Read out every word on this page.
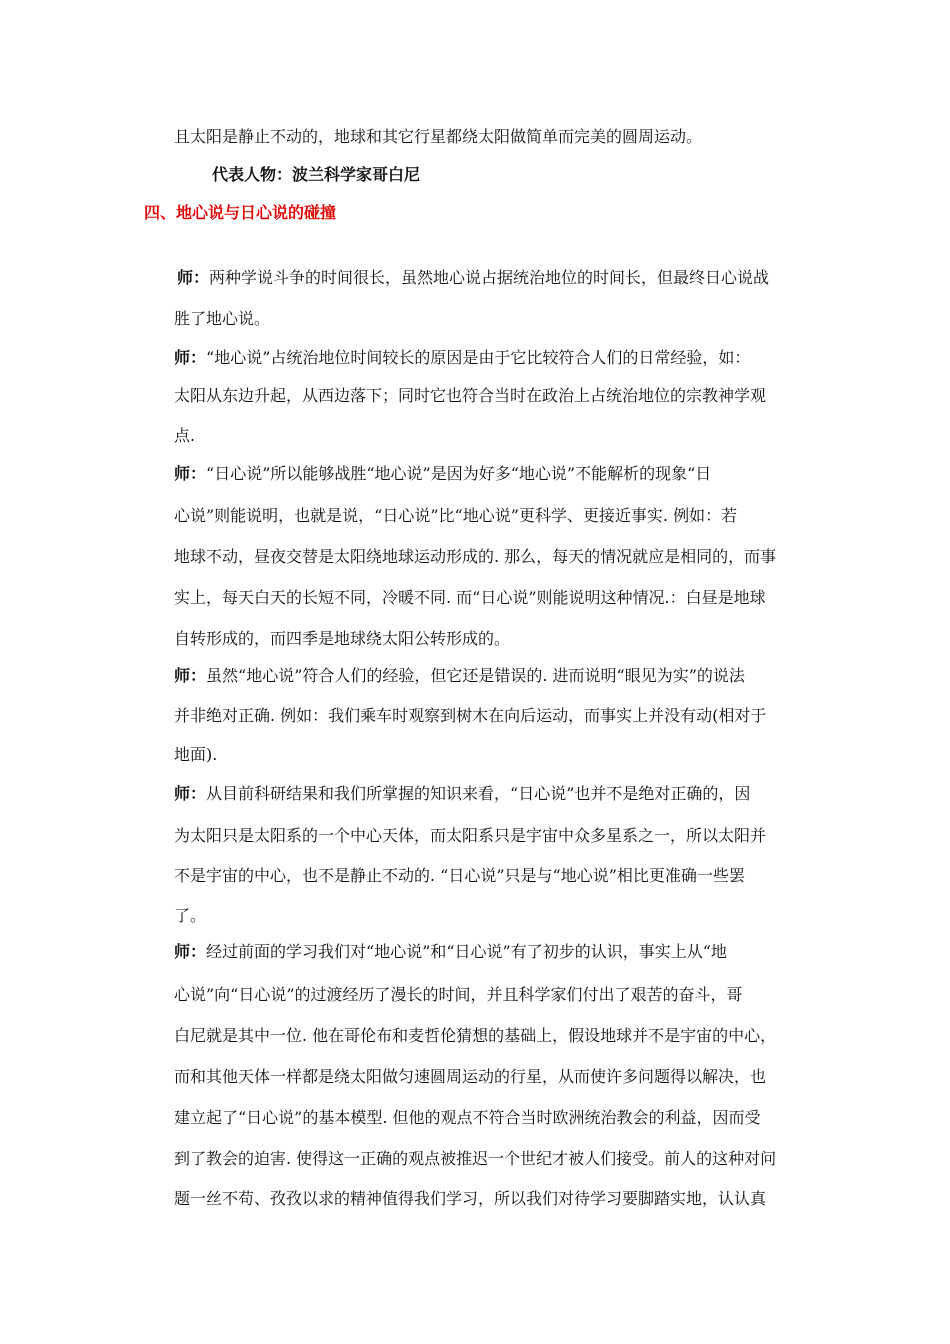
且太阳是静止不动的，地球和其它行星都绕太阳做简单而完美的圆周运动。
代表人物：波兰科学家哥白尼
四、地心说与日心说的碰撞
师：两种学说斗争的时间很长，虽然地心说占据统治地位的时间长，但最终日心说战
胜了地心说。
师：“地心说”占统治地位时间较长的原因是由于它比较符合人们的日常经验，如：
太阳从东边升起，从西边落下；同时它也符合当时在政治上占统治地位的宗教神学观
点.
师：“日心说”所以能够战胜“地心说”是因为好多“地心说”不能解析的现象“日
心说”则能说明，也就是说，“日心说”比“地心说”更科学、更接近事实. 例如：若
地球不动，昼夜交替是太阳绕地球运动形成的. 那么，每天的情况就应是相同的，而事
实上，每天白天的长短不同，冷暖不同. 而“日心说”则能说明这种情况.：白昼是地球
自转形成的，而四季是地球绕太阳公转形成的。
师：虽然“地心说”符合人们的经验，但它还是错误的. 进而说明“眼见为实”的说法
并非绝对正确. 例如：我们乘车时观察到树木在向后运动，而事实上并没有动(相对于
地面).
师：从目前科研结果和我们所掌握的知识来看，“日心说”也并不是绝对正确的，因
为太阳只是太阳系的一个中心天体，而太阳系只是宇宙中众多星系之一，所以太阳并
不是宇宙的中心，也不是静止不动的. “日心说”只是与“地心说”相比更准确一些罢
了。
师：经过前面的学习我们对“地心说”和“日心说”有了初步的认识，事实上从“地
心说”向“日心说”的过渡经历了漫长的时间，并且科学家们付出了艰苦的奋斗，哥
白尼就是其中一位. 他在哥伦布和麦哲伦猜想的基础上，假设地球并不是宇宙的中心，
而和其他天体一样都是绕太阳做匀速圆周运动的行星，从而使许多问题得以解决，也
建立起了“日心说”的基本模型. 但他的观点不符合当时欧洲统治教会的利益，因而受
到了教会的迫害. 使得这一正确的观点被推迟一个世纪才被人们接受。前人的这种对问
题一丝不苟、孜孜以求的精神值得我们学习，所以我们对待学习要脚踏实地，认认真
